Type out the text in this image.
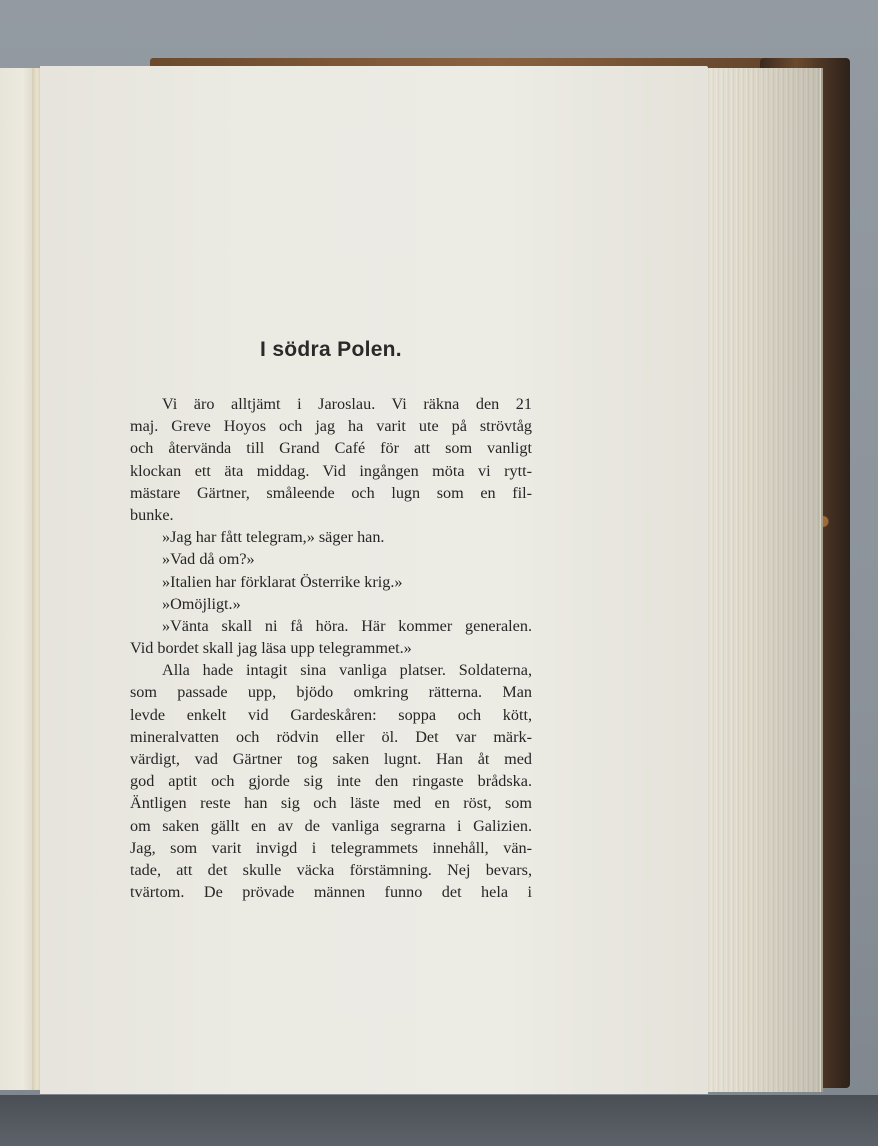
I södra Polen.
Vi äro alltjämt i Jaroslau. Vi räkna den 21
maj. Greve Hoyos och jag ha varit ute på strövtåg
och återvända till Grand Café för att som vanligt
klockan ett äta middag. Vid ingången möta vi rytt-
mästare Gärtner, småleende och lugn som en fil-
bunke.
»Jag har fått telegram,» säger han.
»Vad då om?»
»Italien har förklarat Österrike krig.»
»Omöjligt.»
»Vänta skall ni få höra. Här kommer generalen.
Vid bordet skall jag läsa upp telegrammet.»
Alla hade intagit sina vanliga platser. Soldaterna,
som passade upp, bjödo omkring rätterna. Man
levde enkelt vid Gardeskåren: soppa och kött,
mineralvatten och rödvin eller öl. Det var märk-
värdigt, vad Gärtner tog saken lugnt. Han åt med
god aptit och gjorde sig inte den ringaste brådska.
Äntligen reste han sig och läste med en röst, som
om saken gällt en av de vanliga segrarna i Galizien.
Jag, som varit invigd i telegrammets innehåll, vän-
tade, att det skulle väcka förstämning. Nej bevars,
tvärtom. De prövade männen funno det hela i
